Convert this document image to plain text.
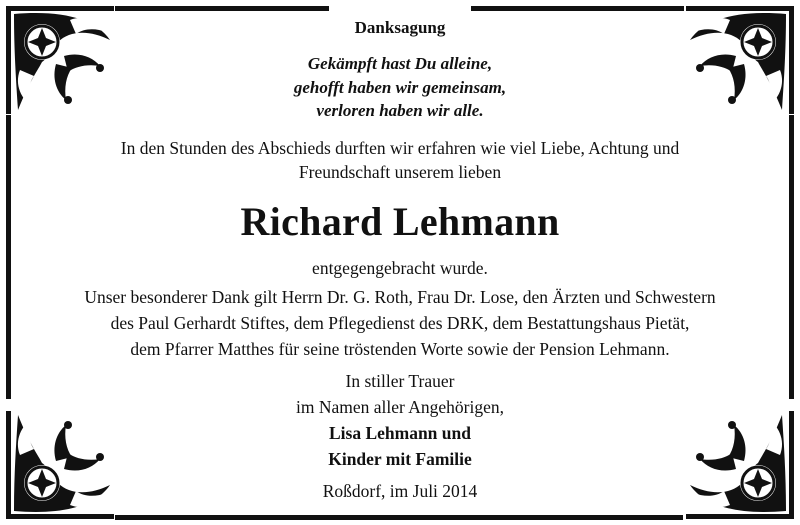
Danksagung
Gekämpft hast Du alleine,
gehofft haben wir gemeinsam,
verloren haben wir alle.
In den Stunden des Abschieds durften wir erfahren wie viel Liebe, Achtung und
Freundschaft unserem lieben
Richard Lehmann
entgegengebracht wurde.
Unser besonderer Dank gilt Herrn Dr. G. Roth, Frau Dr. Lose, den Ärzten und Schwestern
des Paul Gerhardt Stiftes, dem Pflegedienst des DRK, dem Bestattungshaus Pietät,
dem Pfarrer Matthes für seine tröstenden Worte sowie der Pension Lehmann.
In stiller Trauer
im Namen aller Angehörigen,
Lisa Lehmann und
Kinder mit Familie
Roßdorf, im Juli 2014
